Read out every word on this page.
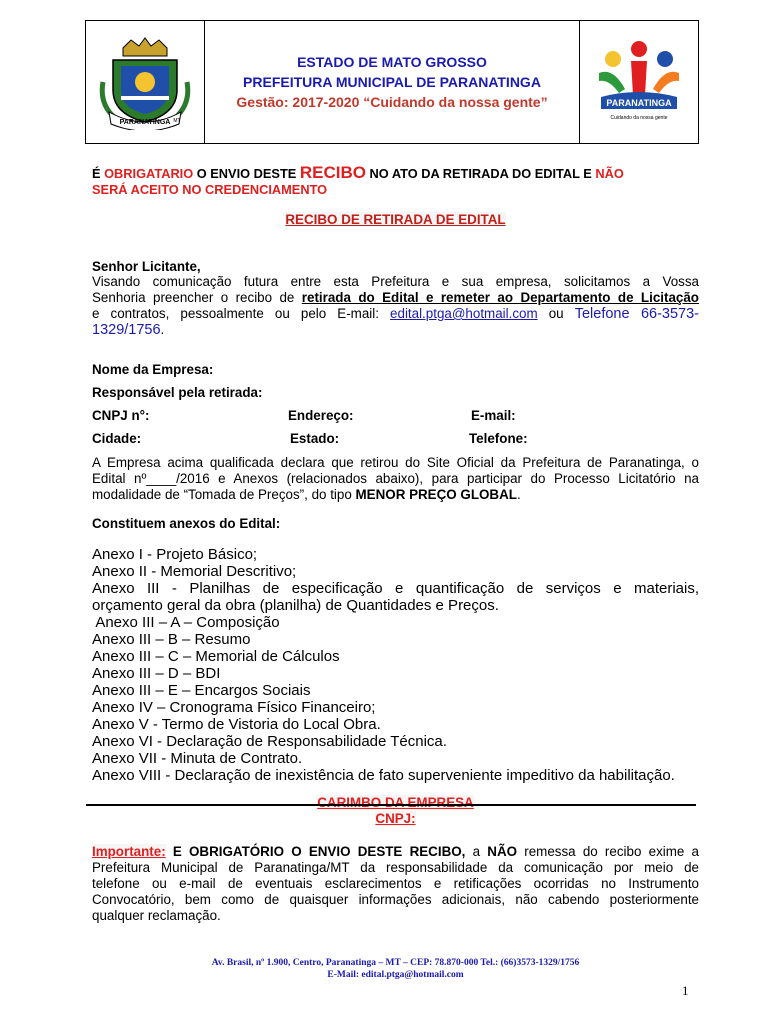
PARANATINGA MT
ESTADO DE MATO GROSSO
PREFEITURA MUNICIPAL DE PARANATINGA
Gestão: 2017-2020 “Cuidando da nossa gente”	PARANATINGA
Cuidando da nossa gente
É OBRIGATARIO O ENVIO DESTE RECIBO NO ATO DA RETIRADA DO EDITAL E NÃO
SERÁ ACEITO NO CREDENCIAMENTO
RECIBO DE RETIRADA DE EDITAL
Senhor Licitante,
Visando comunicação futura entre esta Prefeitura e sua empresa, solicitamos a Vossa
Senhoria preencher o recibo de retirada do Edital e remeter ao Departamento de Licitação
e contratos, pessoalmente ou pelo E-mail: edital.ptga@hotmail.com ou Telefone 66-3573-
1329/1756.
Nome da Empresa:
Responsável pela retirada:
CNPJ n°:	Endereço:	E-mail:
Cidade:	Estado:	Telefone:
A Empresa acima qualificada declara que retirou do Site Oficial da Prefeitura de Paranatinga, o
Edital nº____/2016 e Anexos (relacionados abaixo), para participar do Processo Licitatório na
modalidade de “Tomada de Preços”, do tipo MENOR PREÇO GLOBAL.
Constituem anexos do Edital:
Anexo I - Projeto Básico;
Anexo II - Memorial Descritivo;
Anexo III - Planilhas de especificação e quantificação de serviços e materiais,
orçamento geral da obra (planilha) de Quantidades e Preços.
Anexo III – A – Composição
Anexo III – B – Resumo
Anexo III – C – Memorial de Cálculos
Anexo III – D – BDI
Anexo III – E – Encargos Sociais
Anexo IV – Cronograma Físico Financeiro;
Anexo V - Termo de Vistoria do Local Obra.
Anexo VI - Declaração de Responsabilidade Técnica.
Anexo VII - Minuta de Contrato.
Anexo VIII - Declaração de inexistência de fato superveniente impeditivo da habilitação.
CARIMBO DA EMPRESA
CNPJ:
Importante: E OBRIGATÓRIO O ENVIO DESTE RECIBO, a NÃO remessa do recibo exime a
Prefeitura Municipal de Paranatinga/MT da responsabilidade da comunicação por meio de
telefone ou e-mail de eventuais esclarecimentos e retificações ocorridas no Instrumento
Convocatório, bem como de quaisquer informações adicionais, não cabendo posteriormente
qualquer reclamação.
Av. Brasil, nº 1.900, Centro, Paranatinga – MT – CEP: 78.870-000 Tel.: (66)3573-1329/1756
E-Mail: edital.ptga@hotmail.com
1
